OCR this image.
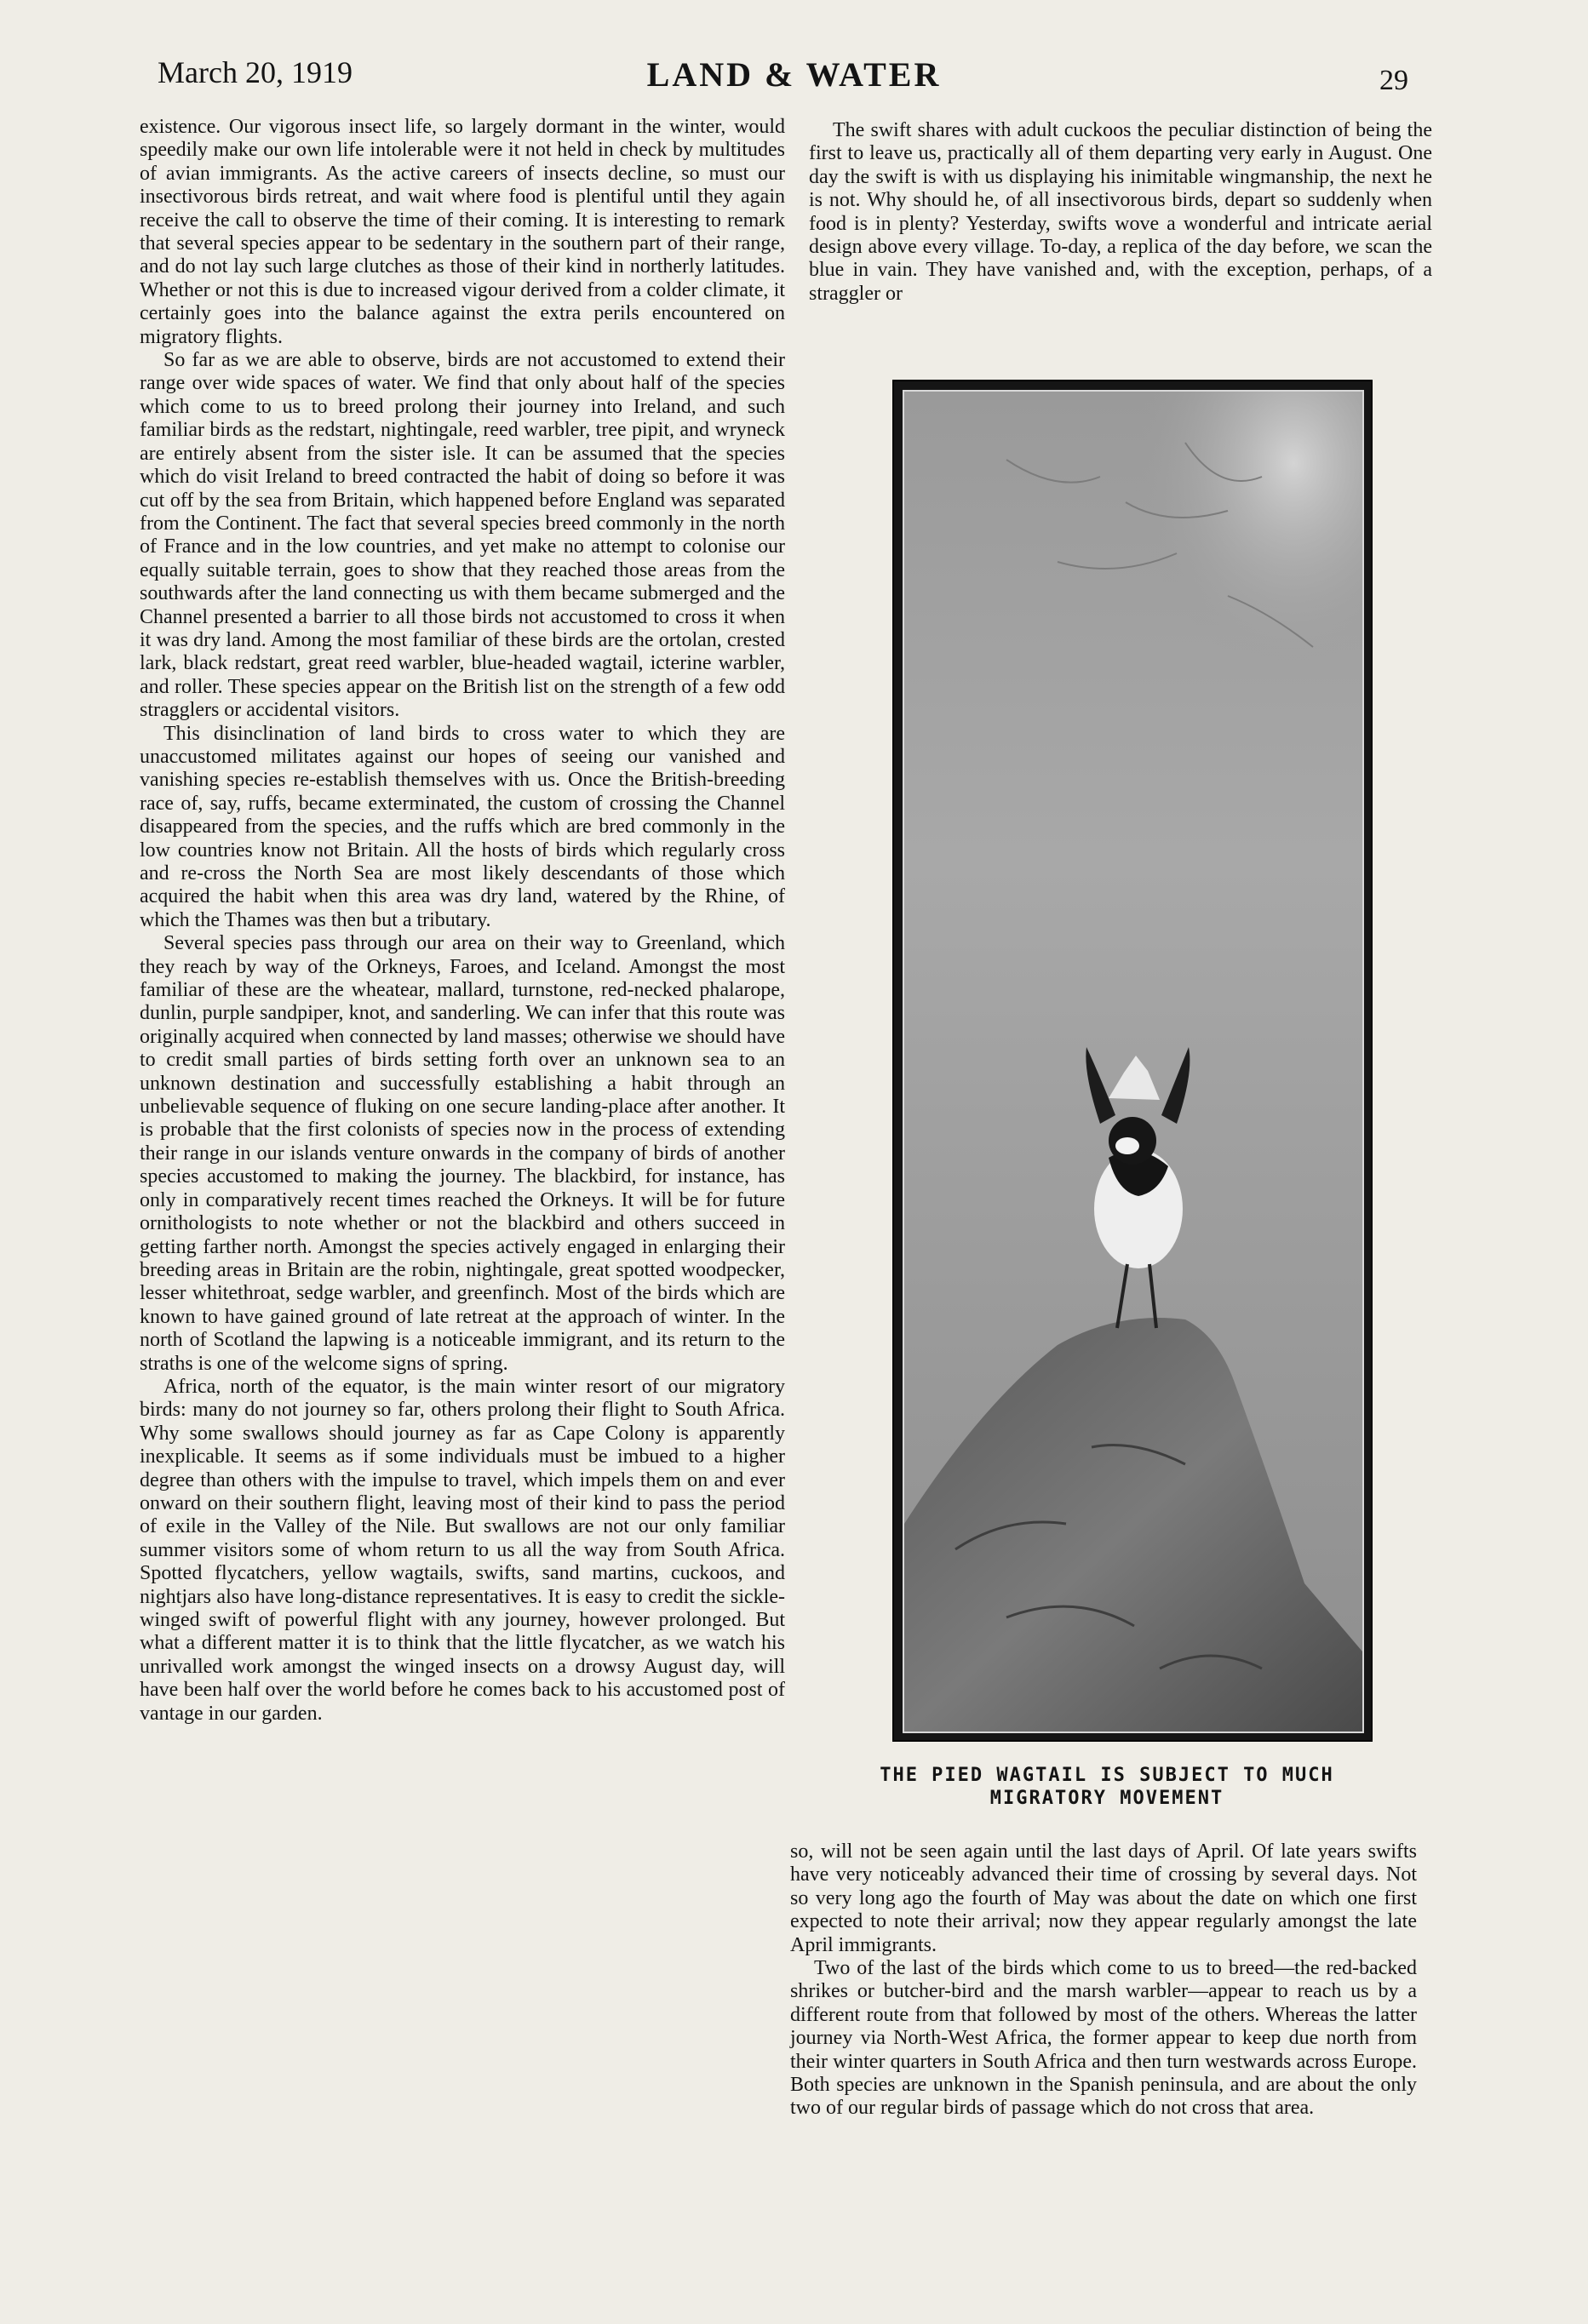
March 20, 1919	LAND & WATER	29

existence. Our vigorous insect life, so largely dormant in the winter, would speedily make our own life intolerable were it not held in check by multitudes of avian immigrants. As the active careers of insects decline, so must our insectivorous birds retreat, and wait where food is plentiful until they again receive the call to observe the time of their coming. It is interesting to remark that several species appear to be sedentary in the southern part of their range, and do not lay such large clutches as those of their kind in northerly latitudes. Whether or not this is due to increased vigour derived from a colder climate, it certainly goes into the balance against the extra perils encountered on migratory flights.

So far as we are able to observe, birds are not accustomed to extend their range over wide spaces of water. We find that only about half of the species which come to us to breed prolong their journey into Ireland, and such familiar birds as the redstart, nightingale, reed warbler, tree pipit, and wryneck are entirely absent from the sister isle. It can be assumed that the species which do visit Ireland to breed contracted the habit of doing so before it was cut off by the sea from Britain, which happened before England was separated from the Continent. The fact that several species breed commonly in the north of France and in the low countries, and yet make no attempt to colonise our equally suitable terrain, goes to show that they reached those areas from the southwards after the land connecting us with them became submerged and the Channel presented a barrier to all those birds not accustomed to cross it when it was dry land. Among the most familiar of these birds are the ortolan, crested lark, black redstart, great reed warbler, blue-headed wagtail, icterine warbler, and roller. These species appear on the British list on the strength of a few odd stragglers or accidental visitors.

This disinclination of land birds to cross water to which they are unaccustomed militates against our hopes of seeing our vanished and vanishing species re-establish themselves with us. Once the British-breeding race of, say, ruffs, became exterminated, the custom of crossing the Channel disappeared from the species, and the ruffs which are bred commonly in the low countries know not Britain. All the hosts of birds which regularly cross and re-cross the North Sea are most likely descendants of those which acquired the habit when this area was dry land, watered by the Rhine, of which the Thames was then but a tributary.

Several species pass through our area on their way to Greenland, which they reach by way of the Orkneys, Faroes, and Iceland. Amongst the most familiar of these are the wheatear, mallard, turnstone, red-necked phalarope, dunlin, purple sandpiper, knot, and sanderling. We can infer that this route was originally acquired when connected by land masses; otherwise we should have to credit small parties of birds setting forth over an unknown sea to an unknown destination and successfully establishing a habit through an unbelievable sequence of fluking on one secure landing-place after another. It is probable that the first colonists of species now in the process of extending their range in our islands venture onwards in the company of birds of another species accustomed to making the journey. The blackbird, for instance, has only in comparatively recent times reached the Orkneys. It will be for future ornithologists to note whether or not the blackbird and others succeed in getting farther north. Amongst the species actively engaged in enlarging their breeding areas in Britain are the robin, nightingale, great spotted woodpecker, lesser whitethroat, sedge warbler, and greenfinch. Most of the birds which are known to have gained ground of late retreat at the approach of winter. In the north of Scotland the lapwing is a noticeable immigrant, and its return to the straths is one of the welcome signs of spring.

Africa, north of the equator, is the main winter resort of our migratory birds: many do not journey so far, others prolong their flight to South Africa. Why some swallows should journey as far as Cape Colony is apparently inexplicable. It seems as if some individuals must be imbued to a higher degree than others with the impulse to travel, which impels them on and ever onward on their southern flight, leaving most of their kind to pass the period of exile in the Valley of the Nile. But swallows are not our only familiar summer visitors some of whom return to us all the way from South Africa. Spotted flycatchers, yellow wagtails, swifts, sand martins, cuckoos, and nightjars also have long-distance representatives. It is easy to credit the sickle-winged swift of powerful flight with any journey, however prolonged. But what a different matter it is to think that the little flycatcher, as we watch his unrivalled work amongst the winged insects on a drowsy August day, will have been half over the world before he comes back to his accustomed post of vantage in our garden.

The swift shares with adult cuckoos the peculiar distinction of being the first to leave us, practically all of them departing very early in August. One day the swift is with us displaying his inimitable wingmanship, the next he is not. Why should he, of all insectivorous birds, depart so suddenly when food is in plenty? Yesterday, swifts wove a wonderful and intricate aerial design above every village. To-day, a replica of the day before, we scan the blue in vain. They have vanished and, with the exception, perhaps, of a straggler or

THE PIED WAGTAIL IS SUBJECT TO MUCH
MIGRATORY MOVEMENT

so, will not be seen again until the last days of April. Of late years swifts have very noticeably advanced their time of crossing by several days. Not so very long ago the fourth of May was about the date on which one first expected to note their arrival; now they appear regularly amongst the late April immigrants.

Two of the last of the birds which come to us to breed—the red-backed shrikes or butcher-bird and the marsh warbler—appear to reach us by a different route from that followed by most of the others. Whereas the latter journey via North-West Africa, the former appear to keep due north from their winter quarters in South Africa and then turn westwards across Europe. Both species are unknown in the Spanish peninsula, and are about the only two of our regular birds of passage which do not cross that area.
